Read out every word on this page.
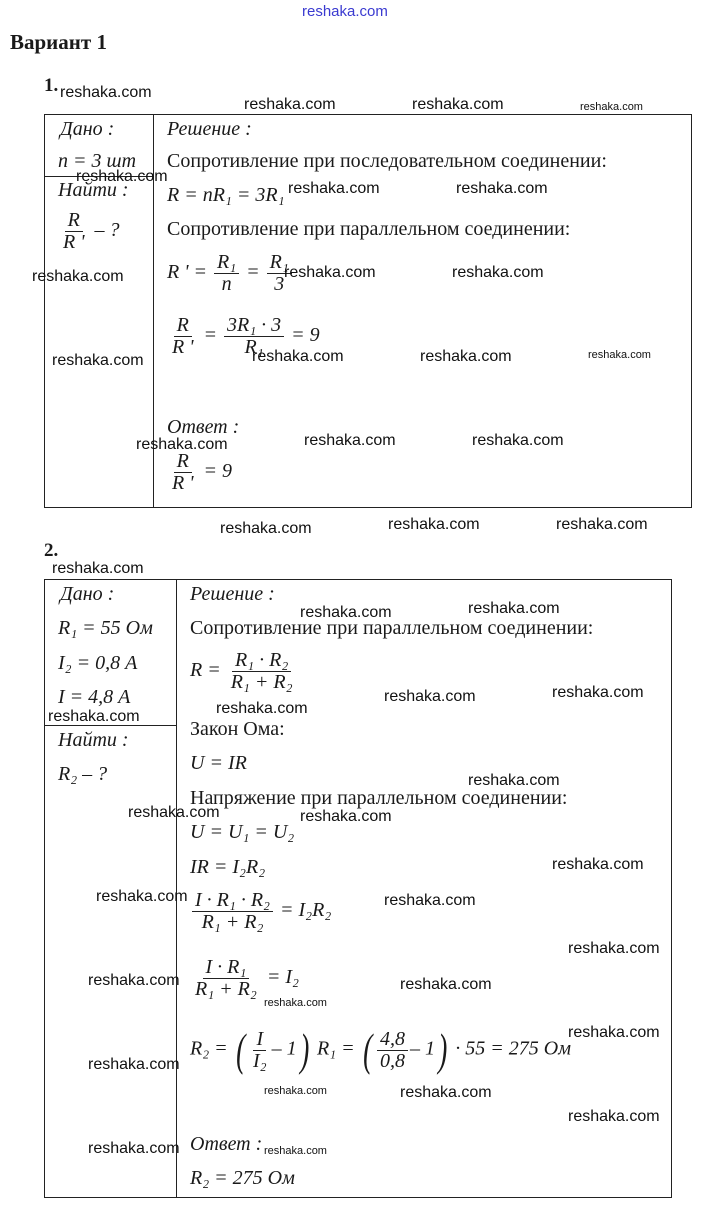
reshaka.com
Вариант 1
1.
Дано :
n = 3 шт
Найти :
$\frac{R}{R '}$ – ?
Решение :
Сопротивление при последовательном соединении:
R = nR₁ = 3R₁
Сопротивление при параллельном соединении:
R ' = $\frac{\text{R₁}}{n} = \frac{\text{R₁}}{3}$
$\frac{R}{R '} = \frac{\text{3R₁ · 3}}{\text{R₁}} = 9$
Ответ :
$\frac{R}{R '} = 9$
2.
Дано :
R₁ = 55 Ом
I₂ = 0,8 А
I = 4,8 А
Найти :
R₂ – ?
Решение :
Сопротивление при параллельном соединении:
$R = \frac{\text{R₁ · R₂}}{\text{R₁ + R₂}}$
Закон Ома:
U = IR
Напряжение при параллельном соединении:
U = U₁ = U₂
IR = I₂R₂
$\frac{\text{I · R₁ · R₂}}{\text{R₁ + R₂}} = I_2R_2$
$\frac{\text{I · R₁}}{\text{R₁ + R₂}} = I_2$
R₂ = ( $\frac{I}{\text{I₂}} - 1$) R₁ = ( $\frac{4,8}{0,8} - 1) \cdot 55 = 275$ Ом
Ответ :
R₂ = 275 Ом
reshaka.com
reshaka.com	reshaka.com	reshaka.com
reshaka.com
reshaka.com	reshaka.com
reshaka.com	reshaka.com	reshaka.com
reshaka.com	reshaka.com	reshaka.com	reshaka.com
reshaka.com	reshaka.com	reshaka.com
reshaka.com	reshaka.com	reshaka.com
reshaka.com
reshaka.com	reshaka.com
reshaka.com	reshaka.com
reshaka.com	reshaka.com
reshaka.com
reshaka.com	reshaka.com
reshaka.com
reshaka.com	reshaka.com
reshaka.com
reshaka.com	reshaka.com
reshaka.com
reshaka.com
reshaka.com
reshaka.com	reshaka.com
reshaka.com
reshaka.com	reshaka.com
